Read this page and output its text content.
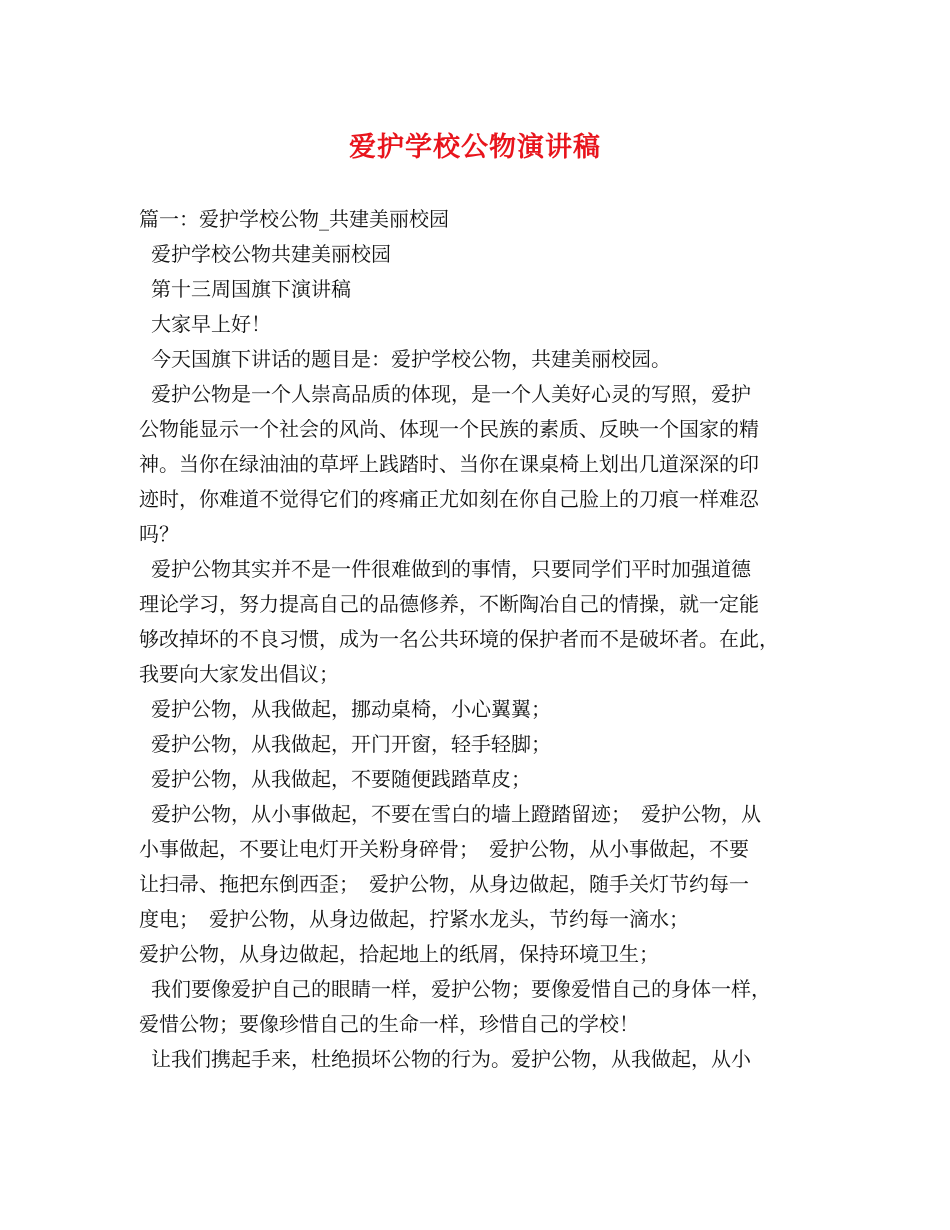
爱护学校公物演讲稿
篇一：爱护学校公物_共建美丽校园
爱护学校公物共建美丽校园
第十三周国旗下演讲稿
大家早上好！
今天国旗下讲话的题目是：爱护学校公物，共建美丽校园。
爱护公物是一个人崇高品质的体现，是一个人美好心灵的写照，爱护
公物能显示一个社会的风尚、体现一个民族的素质、反映一个国家的精
神。当你在绿油油的草坪上践踏时、当你在课桌椅上划出几道深深的印
迹时，你难道不觉得它们的疼痛正尤如刻在你自己脸上的刀痕一样难忍
吗？
爱护公物其实并不是一件很难做到的事情，只要同学们平时加强道德
理论学习，努力提高自己的品德修养，不断陶冶自己的情操，就一定能
够改掉坏的不良习惯，成为一名公共环境的保护者而不是破坏者。在此，
我要向大家发出倡议；
爱护公物，从我做起，挪动桌椅，小心翼翼；
爱护公物，从我做起，开门开窗，轻手轻脚；
爱护公物，从我做起，不要随便践踏草皮；
爱护公物，从小事做起，不要在雪白的墙上蹬踏留迹；　爱护公物，从
小事做起，不要让电灯开关粉身碎骨；　爱护公物，从小事做起，不要
让扫帚、拖把东倒西歪；　爱护公物，从身边做起，随手关灯节约每一
度电；　爱护公物，从身边做起，拧紧水龙头，节约每一滴水；
爱护公物，从身边做起，拾起地上的纸屑，保持环境卫生；
我们要像爱护自己的眼睛一样，爱护公物；要像爱惜自己的身体一样，
爱惜公物；要像珍惜自己的生命一样，珍惜自己的学校！
让我们携起手来，杜绝损坏公物的行为。爱护公物，从我做起，从小
